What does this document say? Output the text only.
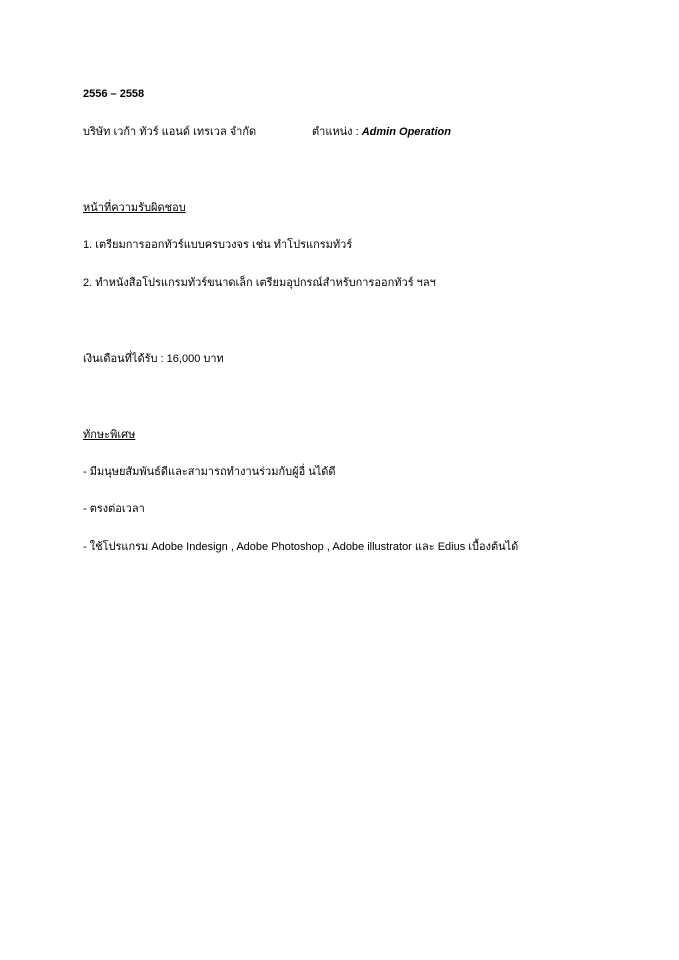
2556 – 2558
บริษัท เวก้า ทัวร์ แอนด์ เทรเวล จำกัด	ตำแหน่ง : Admin Operation
หน้าที่ความรับผิดชอบ
1. เตรียมการออกทัวร์แบบครบวงจร เช่น ทำโปรแกรมทัวร์
2. ทำหนังสือโปรแกรมทัวร์ขนาดเล็ก เตรียมอุปกรณ์สำหรับการออกทัวร์ ฯลฯ
เงินเดือนที่ได้รับ : 16,000 บาท
ทักษะพิเศษ
- มีมนุษยสัมพันธ์ดีและสามารถทำงานร่วมกับผู้อื่ นได้ดี
- ตรงต่อเวลา
- ใช้โปรแกรม Adobe Indesign , Adobe Photoshop , Adobe illustrator และ Edius เบื้องต้นได้
